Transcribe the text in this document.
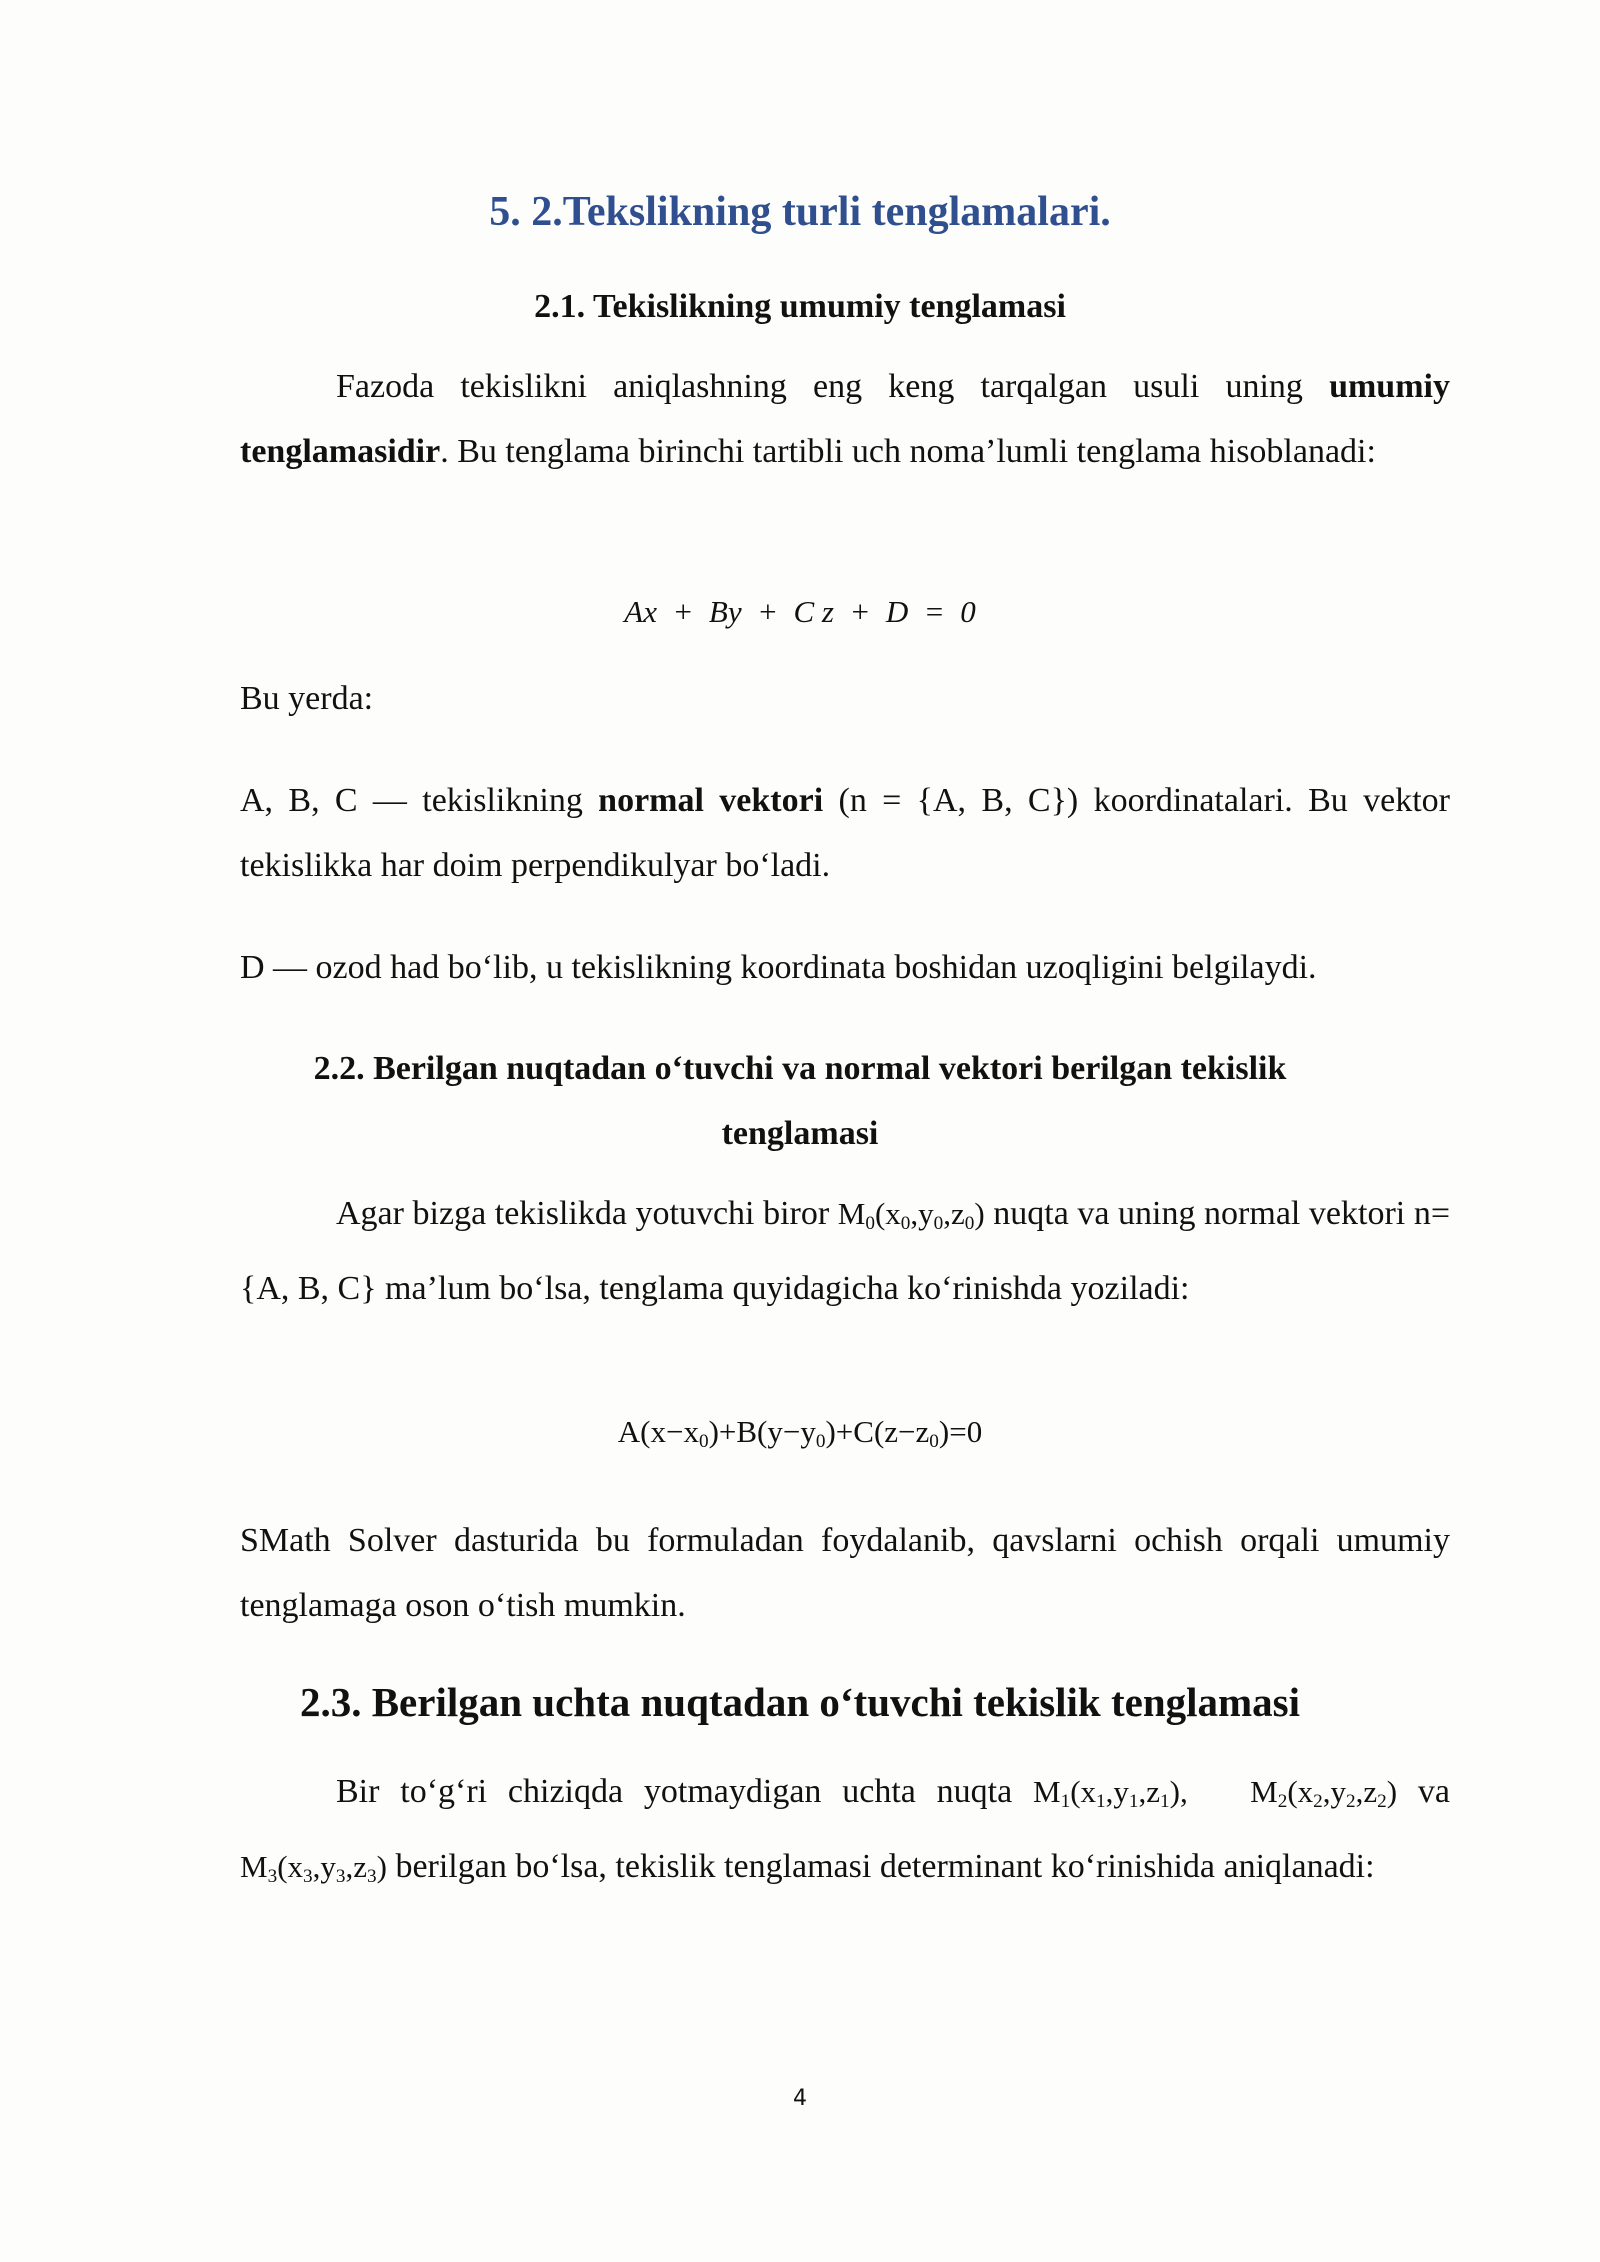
5. 2.Tekslikning turli tenglamalari.
2.1. Tekislikning umumiy tenglamasi
Fazoda tekislikni aniqlashning eng keng tarqalgan usuli uning umumiy tenglamasidir. Bu tenglama birinchi tartibli uch noma’lumli tenglama hisoblanadi:
Ax  +  By  +  C z  +  D  =  0
Bu yerda:
A, B, C — tekislikning normal vektori (n = {A, B, C}) koordinatalari. Bu vektor tekislikka har doim perpendikulyar bo‘ladi.
D — ozod had bo‘lib, u tekislikning koordinata boshidan uzoqligini belgilaydi.
2.2. Berilgan nuqtadan o‘tuvchi va normal vektori berilgan tekislik
tenglamasi
Agar bizga tekislikda yotuvchi biror $M_0(x_0,y_0,z_0)$ nuqta va uning normal vektori n= {A, B, C} ma’lum bo‘lsa, tenglama quyidagicha ko‘rinishda yoziladi:
$A(x-x_0)+B(y-y_0)+C(z-z_0)=0$
SMath Solver dasturida bu formuladan foydalanib, qavslarni ochish orqali umumiy tenglamaga oson o‘tish mumkin.
2.3. Berilgan uchta nuqtadan o‘tuvchi tekislik tenglamasi
Bir to‘g‘ri chiziqda yotmaydigan uchta nuqta $M_1(x_1,y_1,z_1)$, $M_2(x_2,y_2,z_2)$ va $M_3(x_3,y_3,z_3)$ berilgan bo‘lsa, tekislik tenglamasi determinant ko‘rinishida aniqlanadi:
4
